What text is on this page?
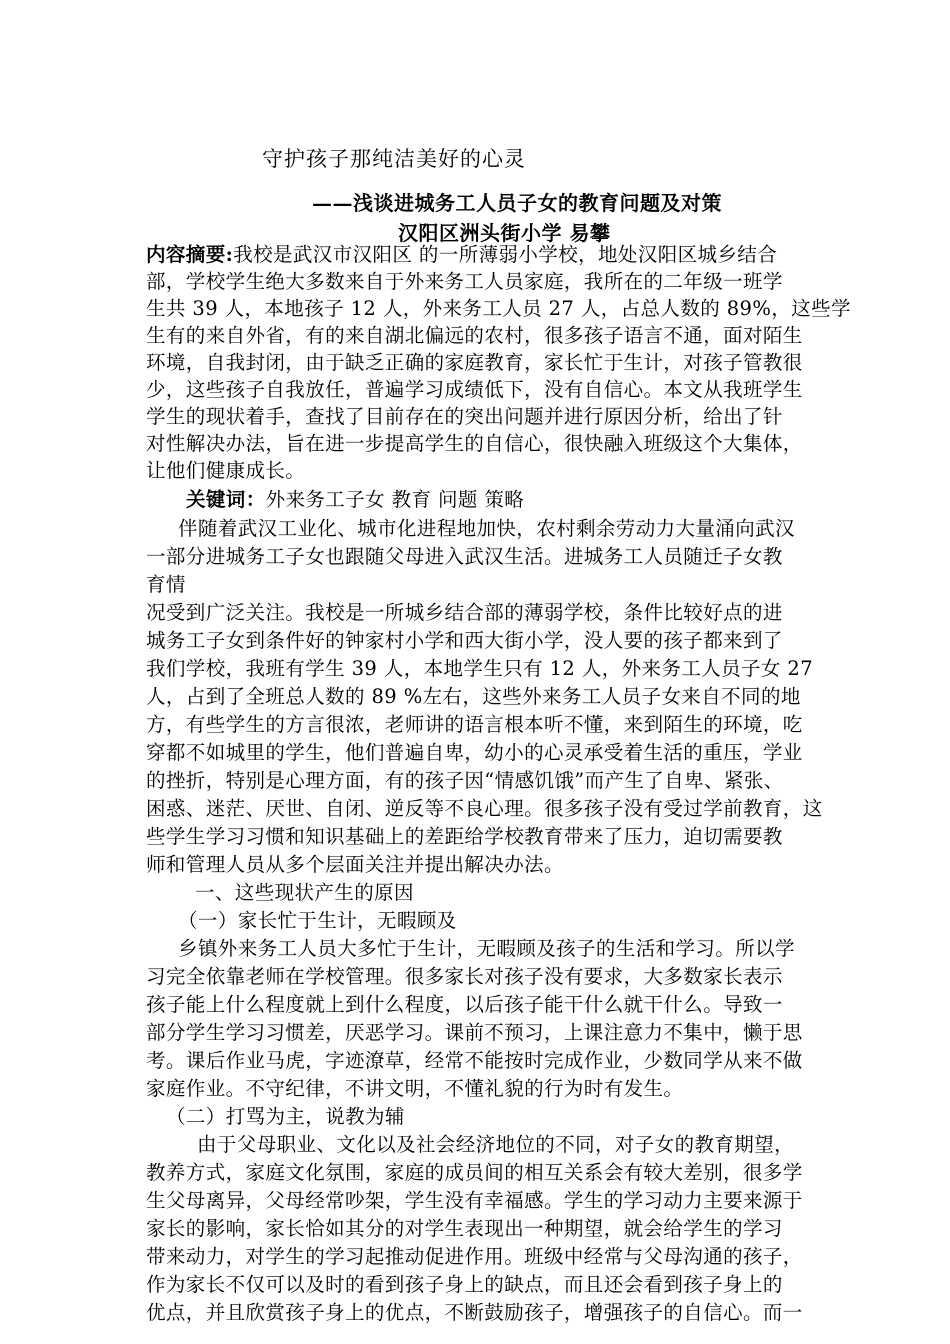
守护孩子那纯洁美好的心灵
——浅谈进城务工人员子女的教育问题及对策
汉阳区洲头街小学 易攀
内容摘要:我校是武汉市汉阳区 的一所薄弱小学校，地处汉阳区城乡结合
部，学校学生绝大多数来自于外来务工人员家庭，我所在的二年级一班学
生共 39 人，本地孩子 12 人，外来务工人员 27 人，占总人数的 89%，这些学
生有的来自外省，有的来自湖北偏远的农村，很多孩子语言不通，面对陌生
环境，自我封闭，由于缺乏正确的家庭教育，家长忙于生计，对孩子管教很
少，这些孩子自我放任，普遍学习成绩低下，没有自信心。本文从我班学生
学生的现状着手，查找了目前存在的突出问题并进行原因分析，给出了针
对性解决办法，旨在进一步提高学生的自信心，很快融入班级这个大集体，
让他们健康成长。
关键词：外来务工子女 教育 问题 策略
伴随着武汉工业化、城市化进程地加快，农村剩余劳动力大量涌向武汉
一部分进城务工子女也跟随父母进入武汉生活。进城务工人员随迁子女教
育情
况受到广泛关注。我校是一所城乡结合部的薄弱学校，条件比较好点的进
城务工子女到条件好的钟家村小学和西大街小学，没人要的孩子都来到了
我们学校，我班有学生 39 人，本地学生只有 12 人，外来务工人员子女 27
人，占到了全班总人数的 89 %左右，这些外来务工人员子女来自不同的地
方，有些学生的方言很浓，老师讲的语言根本听不懂，来到陌生的环境，吃
穿都不如城里的学生，他们普遍自卑，幼小的心灵承受着生活的重压，学业
的挫折，特别是心理方面，有的孩子因“情感饥饿”而产生了自卑、紧张、
困惑、迷茫、厌世、自闭、逆反等不良心理。很多孩子没有受过学前教育，这
些学生学习习惯和知识基础上的差距给学校教育带来了压力，迫切需要教
师和管理人员从多个层面关注并提出解决办法。
一、这些现状产生的原因
（一）家长忙于生计，无暇顾及
乡镇外来务工人员大多忙于生计，无暇顾及孩子的生活和学习。所以学
习完全依靠老师在学校管理。很多家长对孩子没有要求，大多数家长表示
孩子能上什么程度就上到什么程度，以后孩子能干什么就干什么。导致一
部分学生学习习惯差，厌恶学习。课前不预习，上课注意力不集中，懒于思
考。课后作业马虎，字迹潦草，经常不能按时完成作业，少数同学从来不做
家庭作业。不守纪律，不讲文明，不懂礼貌的行为时有发生。
（二）打骂为主，说教为辅
由于父母职业、文化以及社会经济地位的不同，对子女的教育期望，
教养方式，家庭文化氛围，家庭的成员间的相互关系会有较大差别，很多学
生父母离异，父母经常吵架，学生没有幸福感。学生的学习动力主要来源于
家长的影响，家长恰如其分的对学生表现出一种期望，就会给学生的学习
带来动力，对学生的学习起推动促进作用。班级中经常与父母沟通的孩子，
作为家长不仅可以及时的看到孩子身上的缺点，而且还会看到孩子身上的
优点，并且欣赏孩子身上的优点，不断鼓励孩子，增强孩子的自信心。而一
